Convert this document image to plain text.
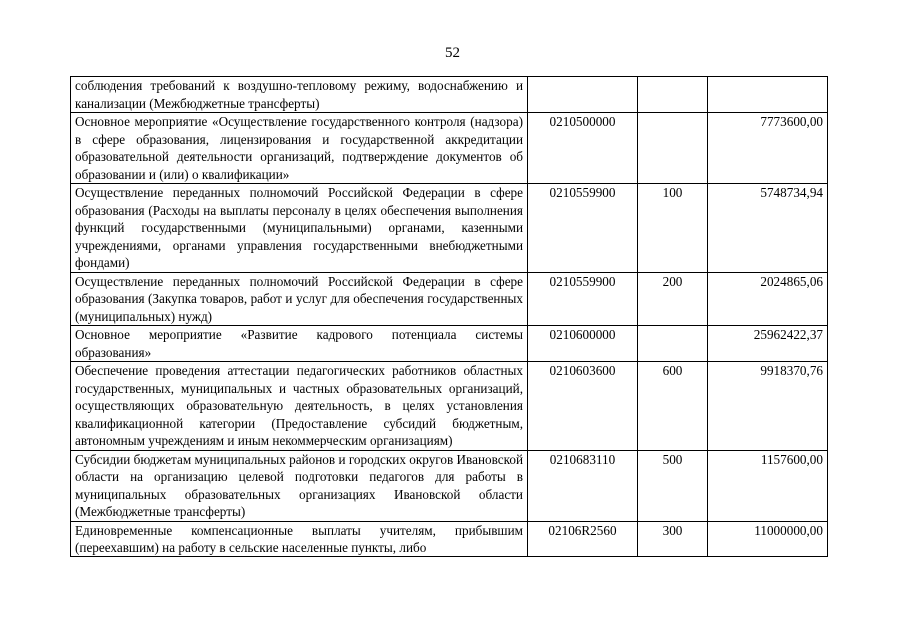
52
соблюдения требований к воздушно-тепловому режиму, водоснабжению и канализации (Межбюджетные трансферты)			
Основное мероприятие «Осуществление государственного контроля (надзора) в сфере образования, лицензирования и государственной аккредитации образовательной деятельности организаций, подтверждение документов об образовании и (или) о квалификации»	0210500000		7773600,00
Осуществление переданных полномочий Российской Федерации в сфере образования (Расходы на выплаты персоналу в целях обеспечения выполнения функций государственными (муниципальными) органами, казенными учреждениями, органами управления государственными внебюджетными фондами)	0210559900	100	5748734,94
Осуществление переданных полномочий Российской Федерации в сфере образования (Закупка товаров, работ и услуг для обеспечения государственных (муниципальных) нужд)	0210559900	200	2024865,06
Основное мероприятие «Развитие кадрового потенциала системы образования»	0210600000		25962422,37
Обеспечение проведения аттестации педагогических работников областных государственных, муниципальных и частных образовательных организаций, осуществляющих образовательную деятельность, в целях установления квалификационной категории (Предоставление субсидий бюджетным, автономным учреждениям и иным некоммерческим организациям)	0210603600	600	9918370,76
Субсидии бюджетам муниципальных районов и городских округов Ивановской области на организацию целевой подготовки педагогов для работы в муниципальных образовательных организациях Ивановской области (Межбюджетные трансферты)	0210683110	500	1157600,00

Единовременные компенсационные выплаты учителям, прибывшим (переехавшим) на работу в сельские населенные пункты, либо	02106R2560	300	11000000,00
